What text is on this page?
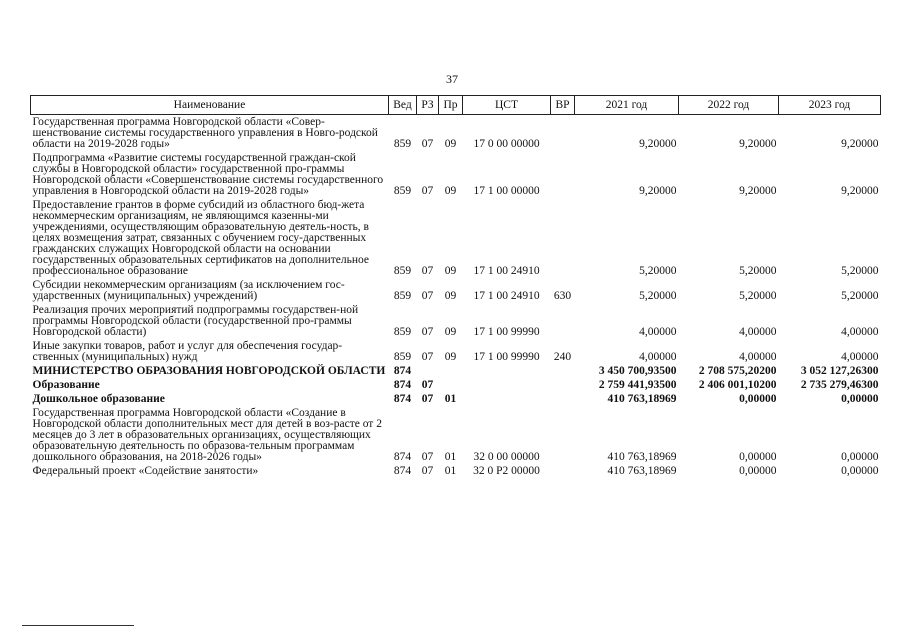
37
Наименование	Вед	РЗ	Пр	ЦСТ	ВР	2021 год	2022 год	2023 год
Государственная программа Новгородской области «Совер-шенствование системы государственного управления в Новго-родской области на 2019-2028 годы»	859	07	09	17 0 00 00000		9,20000	9,20000	9,20000
Подпрограмма «Развитие системы государственной граждан-ской службы в Новгородской области» государственной про-граммы Новгородской области «Совершенствование системы государственного управления в Новгородской области на 2019-2028 годы»	859	07	09	17 1 00 00000		9,20000	9,20000	9,20000
Предоставление грантов в форме субсидий из областного бюд-жета некоммерческим организациям, не являющимся казенны-ми учреждениями, осуществляющим образовательную деятель-ность, в целях возмещения затрат, связанных с обучением госу-дарственных гражданских служащих Новгородской области на основании государственных образовательных сертификатов на дополнительное профессиональное образование	859	07	09	17 1 00 24910		5,20000	5,20000	5,20000
Субсидии некоммерческим организациям (за исключением гос-ударственных (муниципальных) учреждений)	859	07	09	17 1 00 24910	630	5,20000	5,20000	5,20000
Реализация прочих мероприятий подпрограммы государствен-ной программы Новгородской области (государственной про-граммы Новгородской области)	859	07	09	17 1 00 99990		4,00000	4,00000	4,00000
Иные закупки товаров, работ и услуг для обеспечения государ-ственных (муниципальных) нужд	859	07	09	17 1 00 99990	240	4,00000	4,00000	4,00000
МИНИСТЕРСТВО ОБРАЗОВАНИЯ НОВГОРОДСКОЙ ОБЛАСТИ	874					3 450 700,93500	2 708 575,20200	3 052 127,26300
Образование	874	07				2 759 441,93500	2 406 001,10200	2 735 279,46300
Дошкольное образование	874	07	01			410 763,18969	0,00000	0,00000
Государственная программа Новгородской области «Создание в Новгородской области дополнительных мест для детей в воз-расте от 2 месяцев до 3 лет в образовательных организациях, осуществляющих образовательную деятельность по образова-тельным программам дошкольного образования, на 2018-2026 годы»	874	07	01	32 0 00 00000		410 763,18969	0,00000	0,00000
Федеральный проект «Содействие занятости»	874	07	01	32 0 P2 00000		410 763,18969	0,00000	0,00000
